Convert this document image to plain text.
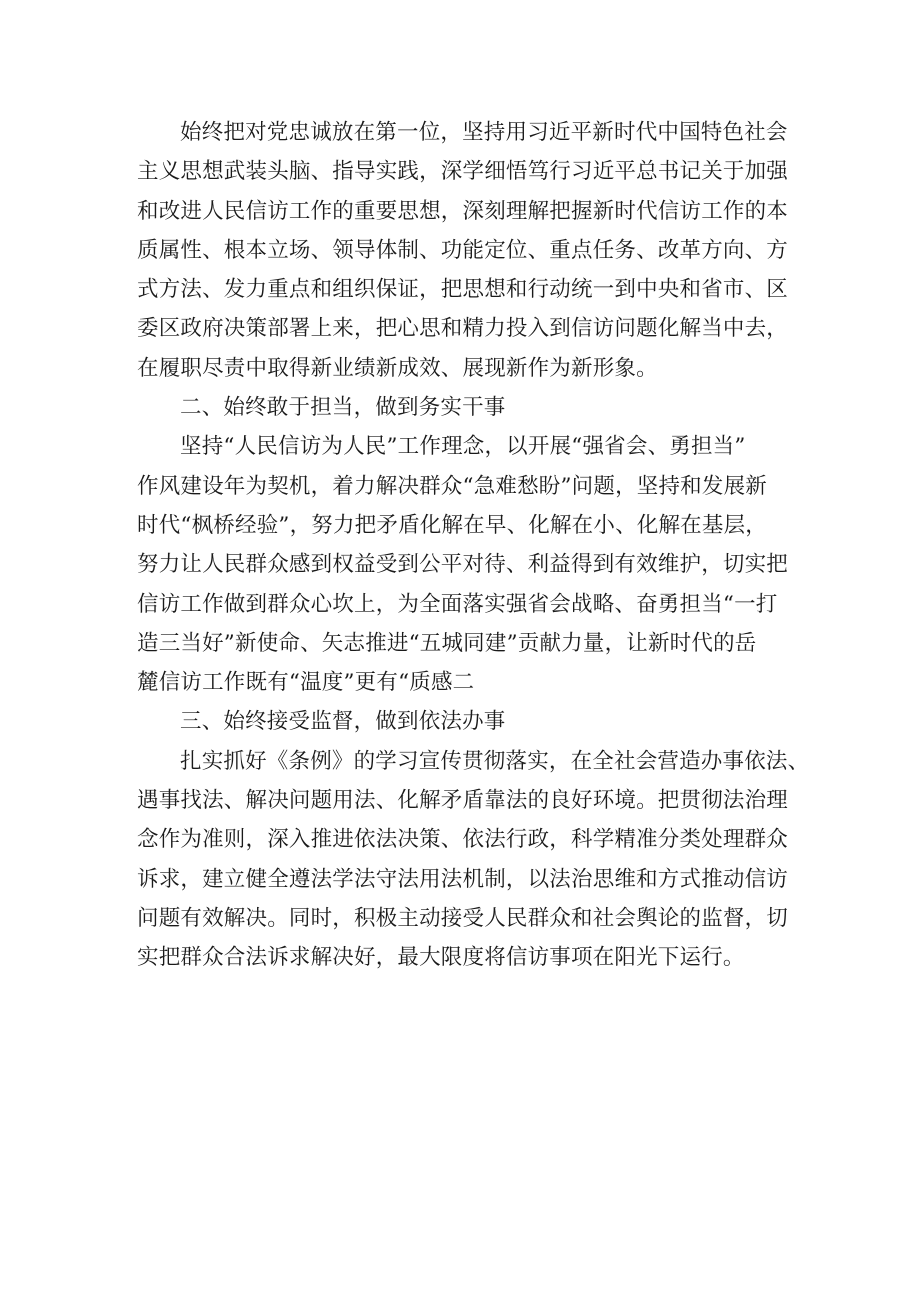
始终把对党忠诚放在第一位，坚持用习近平新时代中国特色社会
主义思想武装头脑、指导实践，深学细悟笃行习近平总书记关于加强
和改进人民信访工作的重要思想，深刻理解把握新时代信访工作的本
质属性、根本立场、领导体制、功能定位、重点任务、改革方向、方
式方法、发力重点和组织保证，把思想和行动统一到中央和省市、区
委区政府决策部署上来，把心思和精力投入到信访问题化解当中去，
在履职尽责中取得新业绩新成效、展现新作为新形象。
二、始终敢于担当，做到务实干事
坚持“人民信访为人民”工作理念，以开展“强省会、勇担当”
作风建设年为契机，着力解决群众“急难愁盼”问题，坚持和发展新
时代“枫桥经验”，努力把矛盾化解在早、化解在小、化解在基层，
努力让人民群众感到权益受到公平对待、利益得到有效维护，切实把
信访工作做到群众心坎上，为全面落实强省会战略、奋勇担当“一打
造三当好”新使命、矢志推进“五城同建”贡献力量，让新时代的岳
麓信访工作既有“温度”更有“质感二
三、始终接受监督，做到依法办事
扎实抓好《条例》的学习宣传贯彻落实，在全社会营造办事依法、
遇事找法、解决问题用法、化解矛盾靠法的良好环境。把贯彻法治理
念作为准则，深入推进依法决策、依法行政，科学精准分类处理群众
诉求，建立健全遵法学法守法用法机制，以法治思维和方式推动信访
问题有效解决。同时，积极主动接受人民群众和社会舆论的监督，切
实把群众合法诉求解决好，最大限度将信访事项在阳光下运行。
